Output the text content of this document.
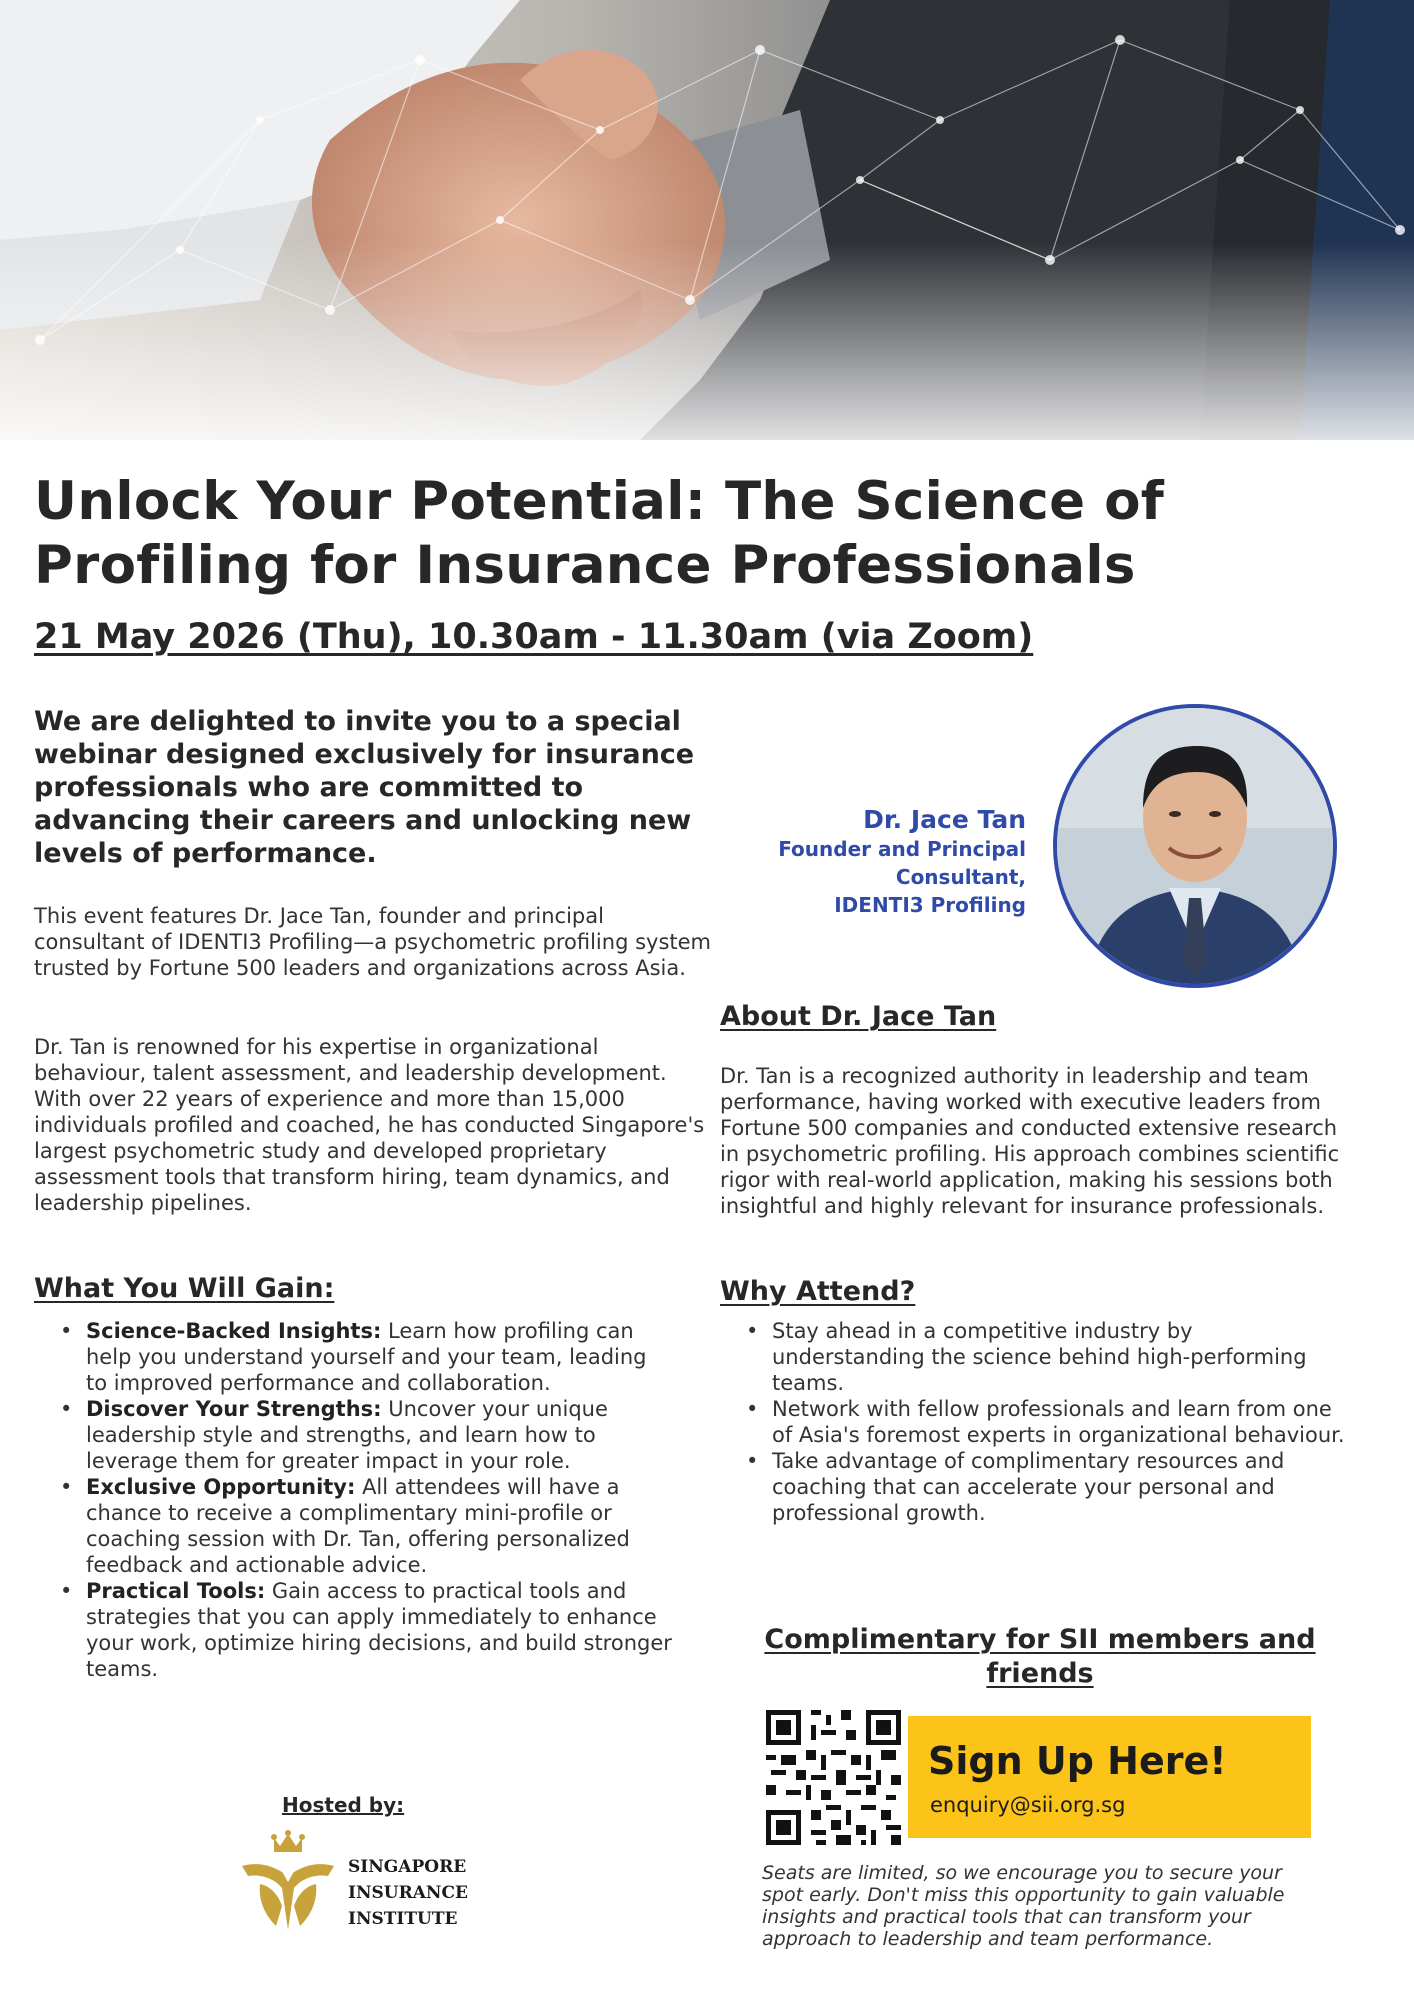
Unlock Your Potential: The Science of Profiling for Insurance Professionals

21 May 2026 (Thu), 10.30am - 11.30am (via Zoom)

We are delighted to invite you to a special webinar designed exclusively for insurance professionals who are committed to advancing their careers and unlocking new levels of performance.

This event features Dr. Jace Tan, founder and principal consultant of IDENTI3 Profiling—a psychometric profiling system trusted by Fortune 500 leaders and organizations across Asia.

Dr. Tan is renowned for his expertise in organizational behaviour, talent assessment, and leadership development. With over 22 years of experience and more than 15,000 individuals profiled and coached, he has conducted Singapore's largest psychometric study and developed proprietary assessment tools that transform hiring, team dynamics, and leadership pipelines.

What You Will Gain:
• Science-Backed Insights: Learn how profiling can help you understand yourself and your team, leading to improved performance and collaboration.
• Discover Your Strengths: Uncover your unique leadership style and strengths, and learn how to leverage them for greater impact in your role.
• Exclusive Opportunity: All attendees will have a chance to receive a complimentary mini-profile or coaching session with Dr. Tan, offering personalized feedback and actionable advice.
• Practical Tools: Gain access to practical tools and strategies that you can apply immediately to enhance your work, optimize hiring decisions, and build stronger teams.
Dr. Jace Tan
Founder and Principal
Consultant,
IDENTI3 Profiling
About Dr. Jace Tan

Dr. Tan is a recognized authority in leadership and team performance, having worked with executive leaders from Fortune 500 companies and conducted extensive research in psychometric profiling. His approach combines scientific rigor with real-world application, making his sessions both insightful and highly relevant for insurance professionals.

Why Attend?
• Stay ahead in a competitive industry by understanding the science behind high-performing teams.
• Network with fellow professionals and learn from one of Asia's foremost experts in organizational behaviour.
• Take advantage of complimentary resources and coaching that can accelerate your personal and professional growth.

Complimentary for SII members and friends

Sign Up Here!

enquiry@sii.org.sg

Seats are limited, so we encourage you to secure your spot early. Don't miss this opportunity to gain valuable insights and practical tools that can transform your approach to leadership and team performance.

Hosted by:

SINGAPORE
INSURANCE
INSTITUTE
